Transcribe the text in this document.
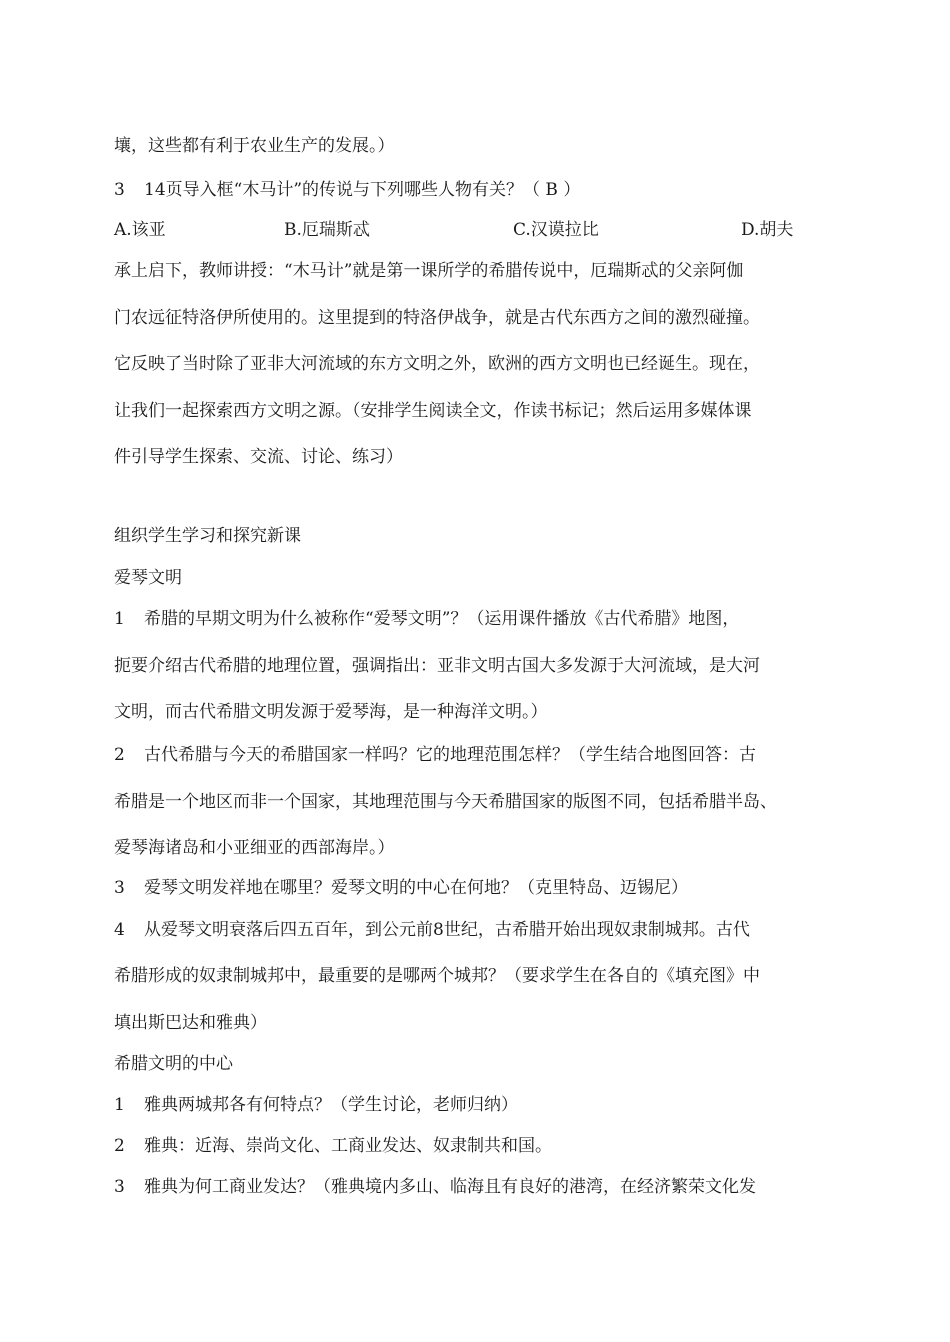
壤，这些都有利于农业生产的发展。）
3 14页导入框“木马计”的传说与下列哪些人物有关？（ B ）
A.该亚	B.厄瑞斯忒	C.汉谟拉比	D.胡夫
承上启下，教师讲授：“木马计”就是第一课所学的希腊传说中，厄瑞斯忒的父亲阿伽
门农远征特洛伊所使用的。这里提到的特洛伊战争，就是古代东西方之间的激烈碰撞。
它反映了当时除了亚非大河流域的东方文明之外，欧洲的西方文明也已经诞生。现在，
让我们一起探索西方文明之源。（安排学生阅读全文，作读书标记；然后运用多媒体课
件引导学生探索、交流、讨论、练习）
组织学生学习和探究新课
爱琴文明
1 希腊的早期文明为什么被称作“爱琴文明”？（运用课件播放《古代希腊》地图，
扼要介绍古代希腊的地理位置，强调指出：亚非文明古国大多发源于大河流域，是大河
文明，而古代希腊文明发源于爱琴海，是一种海洋文明。）
2 古代希腊与今天的希腊国家一样吗？它的地理范围怎样？（学生结合地图回答：古
希腊是一个地区而非一个国家，其地理范围与今天希腊国家的版图不同，包括希腊半岛、
爱琴海诸岛和小亚细亚的西部海岸。）
3 爱琴文明发祥地在哪里？爱琴文明的中心在何地？（克里特岛、迈锡尼）
4 从爱琴文明衰落后四五百年，到公元前8世纪，古希腊开始出现奴隶制城邦。古代
希腊形成的奴隶制城邦中，最重要的是哪两个城邦？（要求学生在各自的《填充图》中
填出斯巴达和雅典）
希腊文明的中心
1 雅典两城邦各有何特点？（学生讨论，老师归纳）
2 雅典：近海、崇尚文化、工商业发达、奴隶制共和国。
3 雅典为何工商业发达？（雅典境内多山、临海且有良好的港湾，在经济繁荣文化发
